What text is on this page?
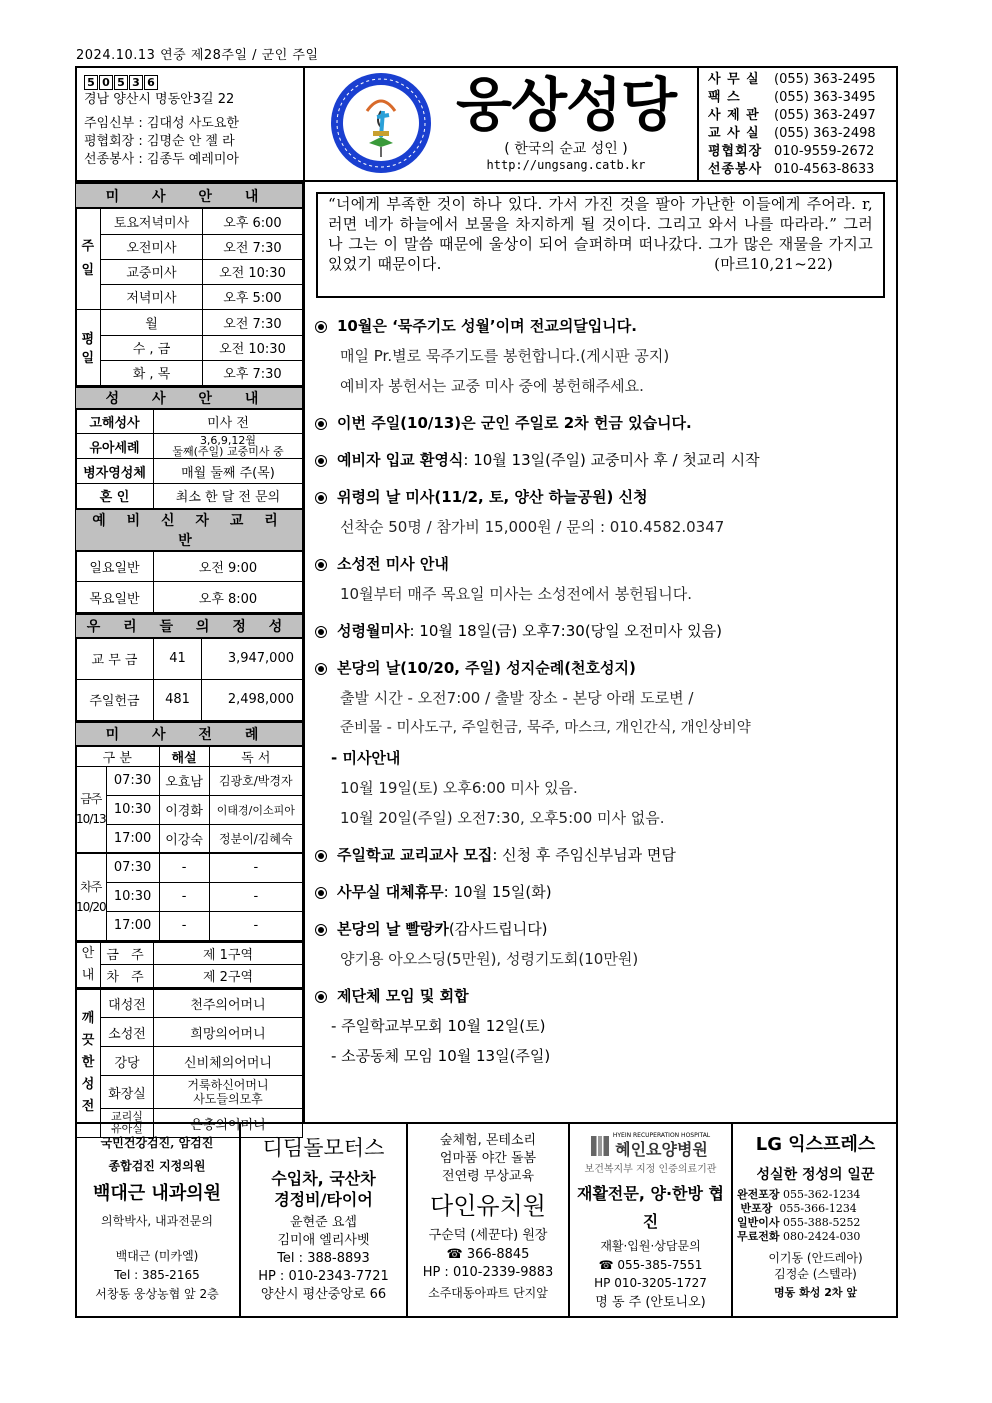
2024.10.13 연중 제28주일 / 군인 주일
5 0 5 3 6
경남 양산시 명동안3길 22
주임신부 : 김대성 사도요한
평협회장 : 김명순 안 젤 라
선종봉사 : 김종두 예레미아
웅상성당
( 한국의 순교 성인 )
http://ungsang.catb.kr
사 무 실	(055) 363-2495
팩 스	(055) 363-3495
사 제 관	(055) 363-2497
교 사 실	(055) 363-2498
평협회장 010-9559-2672
선종봉사 010-4563-8633
미 사 안 내		
주일	토요저녁미사	오후 6:00
	오전미사	오전 7:30
	교중미사	오전 10:30
	저녁미사	오후 5:00
평일	월	오전 7:30
	수 , 금	오전 10:30
	화 , 목	오후 7:30
성 사 안 내	
고해성사	미사 전
유아세례	3,6,9,12월
둘째(주일) 교중미사 중

병자영성체	매월 둘째 주(목)
혼 인	최소 한 달 전 문의
예 비 신 자 교 리 반	
일요일반	오전 9:00
목요일반	오후 8:00
우 리 들 의 정 성		
교 무 금	41	3,947,000
주일헌금	481	2,498,000
미 사 전 례			
구 분		해설	독 서

금주
10/13	07:30	오효남	김광호/박경자
	10:30	이경화	이태경/이소피아
	17:00	이강숙	정분이/김혜숙

차주
10/20	07:30	-	-
	10:30	-	-
	17:00	-	-
안
내	금 주	제 1구역
	차 주	제 2구역
깨
끗
한
성
전	대성전	천주의어머니
	소성전	희망의어머니
	강당	신비체의어머니
	화장실	거룩하신어머니
사도들의모후

	교리실
유아실	은총의어머니
“너에게 부족한 것이 하나 있다. 가서 가진 것을 팔아 가난한 이들에게 주어라. r,러면 네가 하늘에서 보물을 차지하게 될 것이다. 그리고 와서 나를 따라라.” 그러나 그는 이 말씀 때문에 울상이 되어 슬퍼하며 떠나갔다. 그가 많은 재물을 가지고 있었기 때문이다.	(마르10,21~22)
10월은 ‘묵주기도 성월’이며 전교의달입니다.
매일 Pr.별로 묵주기도를 봉헌합니다.(게시판 공지)
예비자 봉헌서는 교중 미사 중에 봉헌해주세요.
이번 주일(10/13)은 군인 주일로 2차 헌금 있습니다.
예비자 입교 환영식 : 10월 13일(주일) 교중미사 후 / 첫교리 시작
위령의 날 미사(11/2, 토, 양산 하늘공원) 신청
선착순 50명 / 참가비 15,000원 / 문의 : 010.4582.0347
소성전 미사 안내
10월부터 매주 목요일 미사는 소성전에서 봉헌됩니다.
성령월미사 : 10월 18일(금) 오후7:30(당일 오전미사 있음)
본당의 날(10/20, 주일) 성지순례(천호성지)
출발 시간 - 오전7:00 / 출발 장소 - 본당 아래 도로변 /
준비물 - 미사도구, 주일헌금, 묵주, 마스크, 개인간식, 개인상비약
- 미사안내
10월 19일(토) 오후6:00 미사 있음.
10월 20일(주일) 오전7:30, 오후5:00 미사 없음.
주일학교 교리교사 모집 : 신청 후 주임신부님과 면담
사무실 대체휴무 : 10월 15일(화)
본당의 날 빨랑카 (감사드립니다)
양기용 아오스딩(5만원), 성령기도회(10만원)
제단체 모임 및 회합
- 주일학교부모회 10월 12일(토)
- 소공동체 모임 10월 13일(주일)
국민건강검진, 암검진
종합검진 지정의원
백대근 내과의원
의학박사, 내과전문의
백대근 (미카엘)
Tel : 385-2165
서창동 웅상농협 앞 2층
디딤돌모터스
수입차, 국산차
경정비/타이어
윤현준 요셉
김미애 엘리사벳
Tel : 388-8893
HP : 010-2343-7721
양산시 평산중앙로 66
숲체험, 몬테소리
엄마품 야간 돌봄
전연령 무상교육
다인유치원
구순덕 (세꾼다) 원장
☎ 366-8845
HP : 010-2339-9883
소주대동아파트 단지앞
HYEIN RECUPERATION HOSPITAL
혜인요양병원
보건복지부 지정 인증의료기관
재활전문, 양·한방 협진
재활·입원·상담문의
☎ 055-385-7551
HP 010-3205-1727
명 동 주 (안토니오)
LG 익스프레스
성실한 정성의 일꾼
완전포장 055-362-1234
반포장 055-366-1234
일반이사 055-388-5252
무료전화 080-2424-030
이기동 (안드레아)
김정순 (스텔라)
명동 화성 2차 앞
